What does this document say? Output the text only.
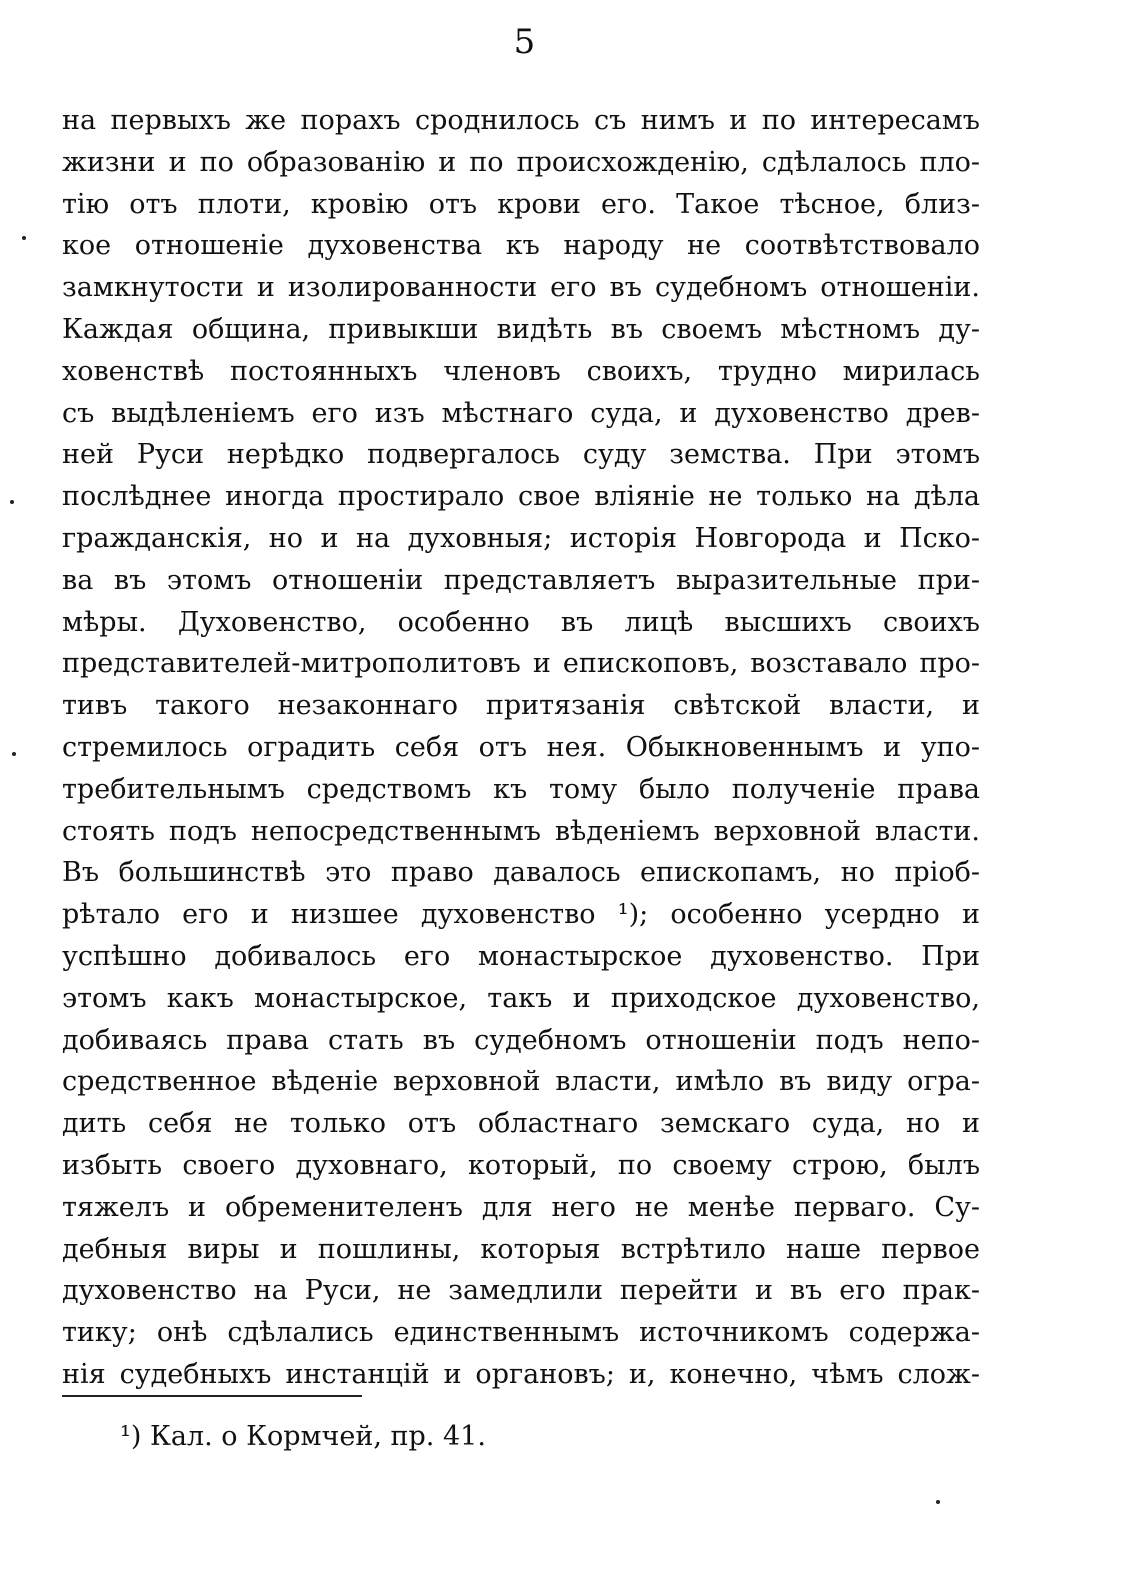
5
на первыхъ же порахъ сроднилось съ нимъ и по интересамъ
жизни и по образованію и по происхожденію, сдѣлалось пло-
тію отъ плоти, кровію отъ крови его. Такое тѣсное, близ-
кое отношеніе духовенства къ народу не соотвѣтствовало
замкнутости и изолированности его въ судебномъ отношеніи.
Каждая община, привыкши видѣть въ своемъ мѣстномъ ду-
ховенствѣ постоянныхъ членовъ своихъ, трудно мирилась
съ выдѣленіемъ его изъ мѣстнаго суда, и духовенство древ-
ней Руси нерѣдко подвергалось суду земства. При этомъ
послѣднее иногда простирало свое вліяніе не только на дѣла
гражданскія, но и на духовныя; исторія Новгорода и Пско-
ва въ этомъ отношеніи представляетъ выразительные при-
мѣры. Духовенство, особенно въ лицѣ высшихъ своихъ
представителей-митрополитовъ и епископовъ, возставало про-
тивъ такого незаконнаго притязанія свѣтской власти, и
стремилось оградить себя отъ нея. Обыкновеннымъ и упо-
требительнымъ средствомъ къ тому было полученіе права
стоять подъ непосредственнымъ вѣденіемъ верховной власти.
Въ большинствѣ это право давалось епископамъ, но пріоб-
рѣтало его и низшее духовенство ¹); особенно усердно и
успѣшно добивалось его монастырское духовенство. При
этомъ какъ монастырское, такъ и приходское духовенство,
добиваясь права стать въ судебномъ отношеніи подъ непо-
средственное вѣденіе верховной власти, имѣло въ виду огра-
дить себя не только отъ областнаго земскаго суда, но и
избыть своего духовнаго, который, по своему строю, былъ
тяжелъ и обременителенъ для него не менѣе перваго. Су-
дебныя виры и пошлины, которыя встрѣтило наше первое
духовенство на Руси, не замедлили перейти и въ его прак-
тику; онѣ сдѣлались единственнымъ источникомъ содержа-
нія судебныхъ инстанцій и органовъ; и, конечно, чѣмъ слож-
¹) Кал. о Кормчей, пр. 41.
